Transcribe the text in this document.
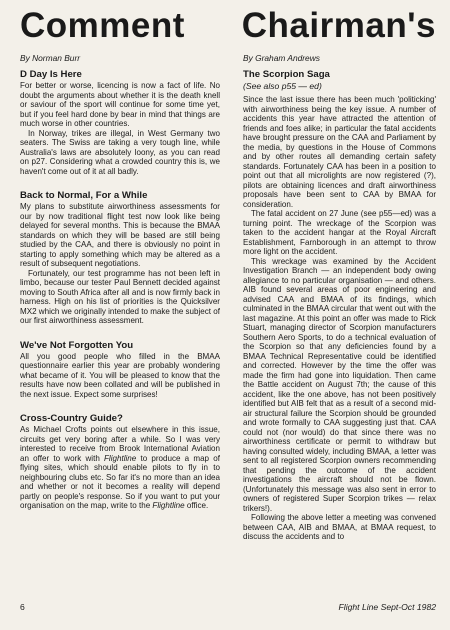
Comment Chairman's
By Norman Burr
D Day Is Here

For better or worse, licencing is now a fact of life. No doubt the arguments about whether it is the death knell or saviour of the sport will continue for some time yet, but if you feel hard done by bear in mind that things are much worse in other countries.

In Norway, trikes are illegal, in West Germany two seaters. The Swiss are taking a very tough line, while Australia's laws are absolutely loony, as you can read on p27. Considering what a crowded country this is, we haven't come out of it at all badly.

Back to Normal, For a While

My plans to substitute airworthiness assessments for our by now traditional flight test now look like being delayed for several months. This is because the BMAA standards on which they will be based are still being studied by the CAA, and there is obviously no point in starting to apply something which may be altered as a result of subsequent negotiations.

Fortunately, our test programme has not been left in limbo, because our tester Paul Bennett decided against moving to South Africa after all and is now firmly back in harness. High on his list of priorities is the Quicksilver MX2 which we originally intended to make the subject of our first airworthiness assessment.

We've Not Forgotten You

All you good people who filled in the BMAA questionnaire earlier this year are probably wondering what became of it. You will be pleased to know that the results have now been collated and will be published in the next issue. Expect some surprises!

Cross-Country Guide?

As Michael Crofts points out elsewhere in this issue, circuits get very boring after a while. So I was very interested to receive from Brook International Aviation an offer to work with Flightline to produce a map of flying sites, which should enable pilots to fly in to neighbouring clubs etc. So far it's no more than an idea and whether or not it becomes a reality will depend partly on people's response. So if you want to put your organisation on the map, write to the Flightline office.

By Graham Andrews
The Scorpion Saga
(See also p55 — ed)

Since the last issue there has been much 'politicking' with airworthiness being the key issue. A number of accidents this year have attracted the attention of friends and foes alike; in particular the fatal accidents have brought pressure on the CAA and Parliament by the media, by questions in the House of Commons and by other routes all demanding certain safety standards. Fortunately CAA has been in a position to point out that all microlights are now registered (?), pilots are obtaining licences and draft airworthiness proposals have been sent to CAA by BMAA for consideration.

The fatal accident on 27 June (see p55—ed) was a turning point. The wreckage of the Scorpion was taken to the accident hangar at the Royal Aircraft Establishment, Farnborough in an attempt to throw more light on the accident.

This wreckage was examined by the Accident Investigation Branch — an independent body owing allegiance to no particular organisation — and others. AIB found several areas of poor engineering and advised CAA and BMAA of its findings, which culminated in the BMAA circular that went out with the last magazine. At this point an offer was made to Rick Stuart, managing director of Scorpion manufacturers Southern Aero Sports, to do a technical evaluation of the Scorpion so that any deficiencies found by a BMAA Technical Representative could be identified and corrected. However by the time the offer was made the firm had gone into liquidation. Then came the Battle accident on August 7th; the cause of this accident, like the one above, has not been positively identified but AIB felt that as a result of a second mid-air structural failure the Scorpion should be grounded and wrote formally to CAA suggesting just that. CAA could not (nor would) do that since there was no airworthiness certificate or permit to withdraw but having consulted widely, including BMAA, a letter was sent to all registered Scorpion owners recommending that pending the outcome of the accident investigations the aircraft should not be flown. (Unfortunately this message was also sent in error to owners of registered Super Scorpion trikes — relax trikers!).

Following the above letter a meeting was convened between CAA, AIB and BMAA, at BMAA request, to discuss the accidents and to

6	Flight Line Sept-Oct 1982
